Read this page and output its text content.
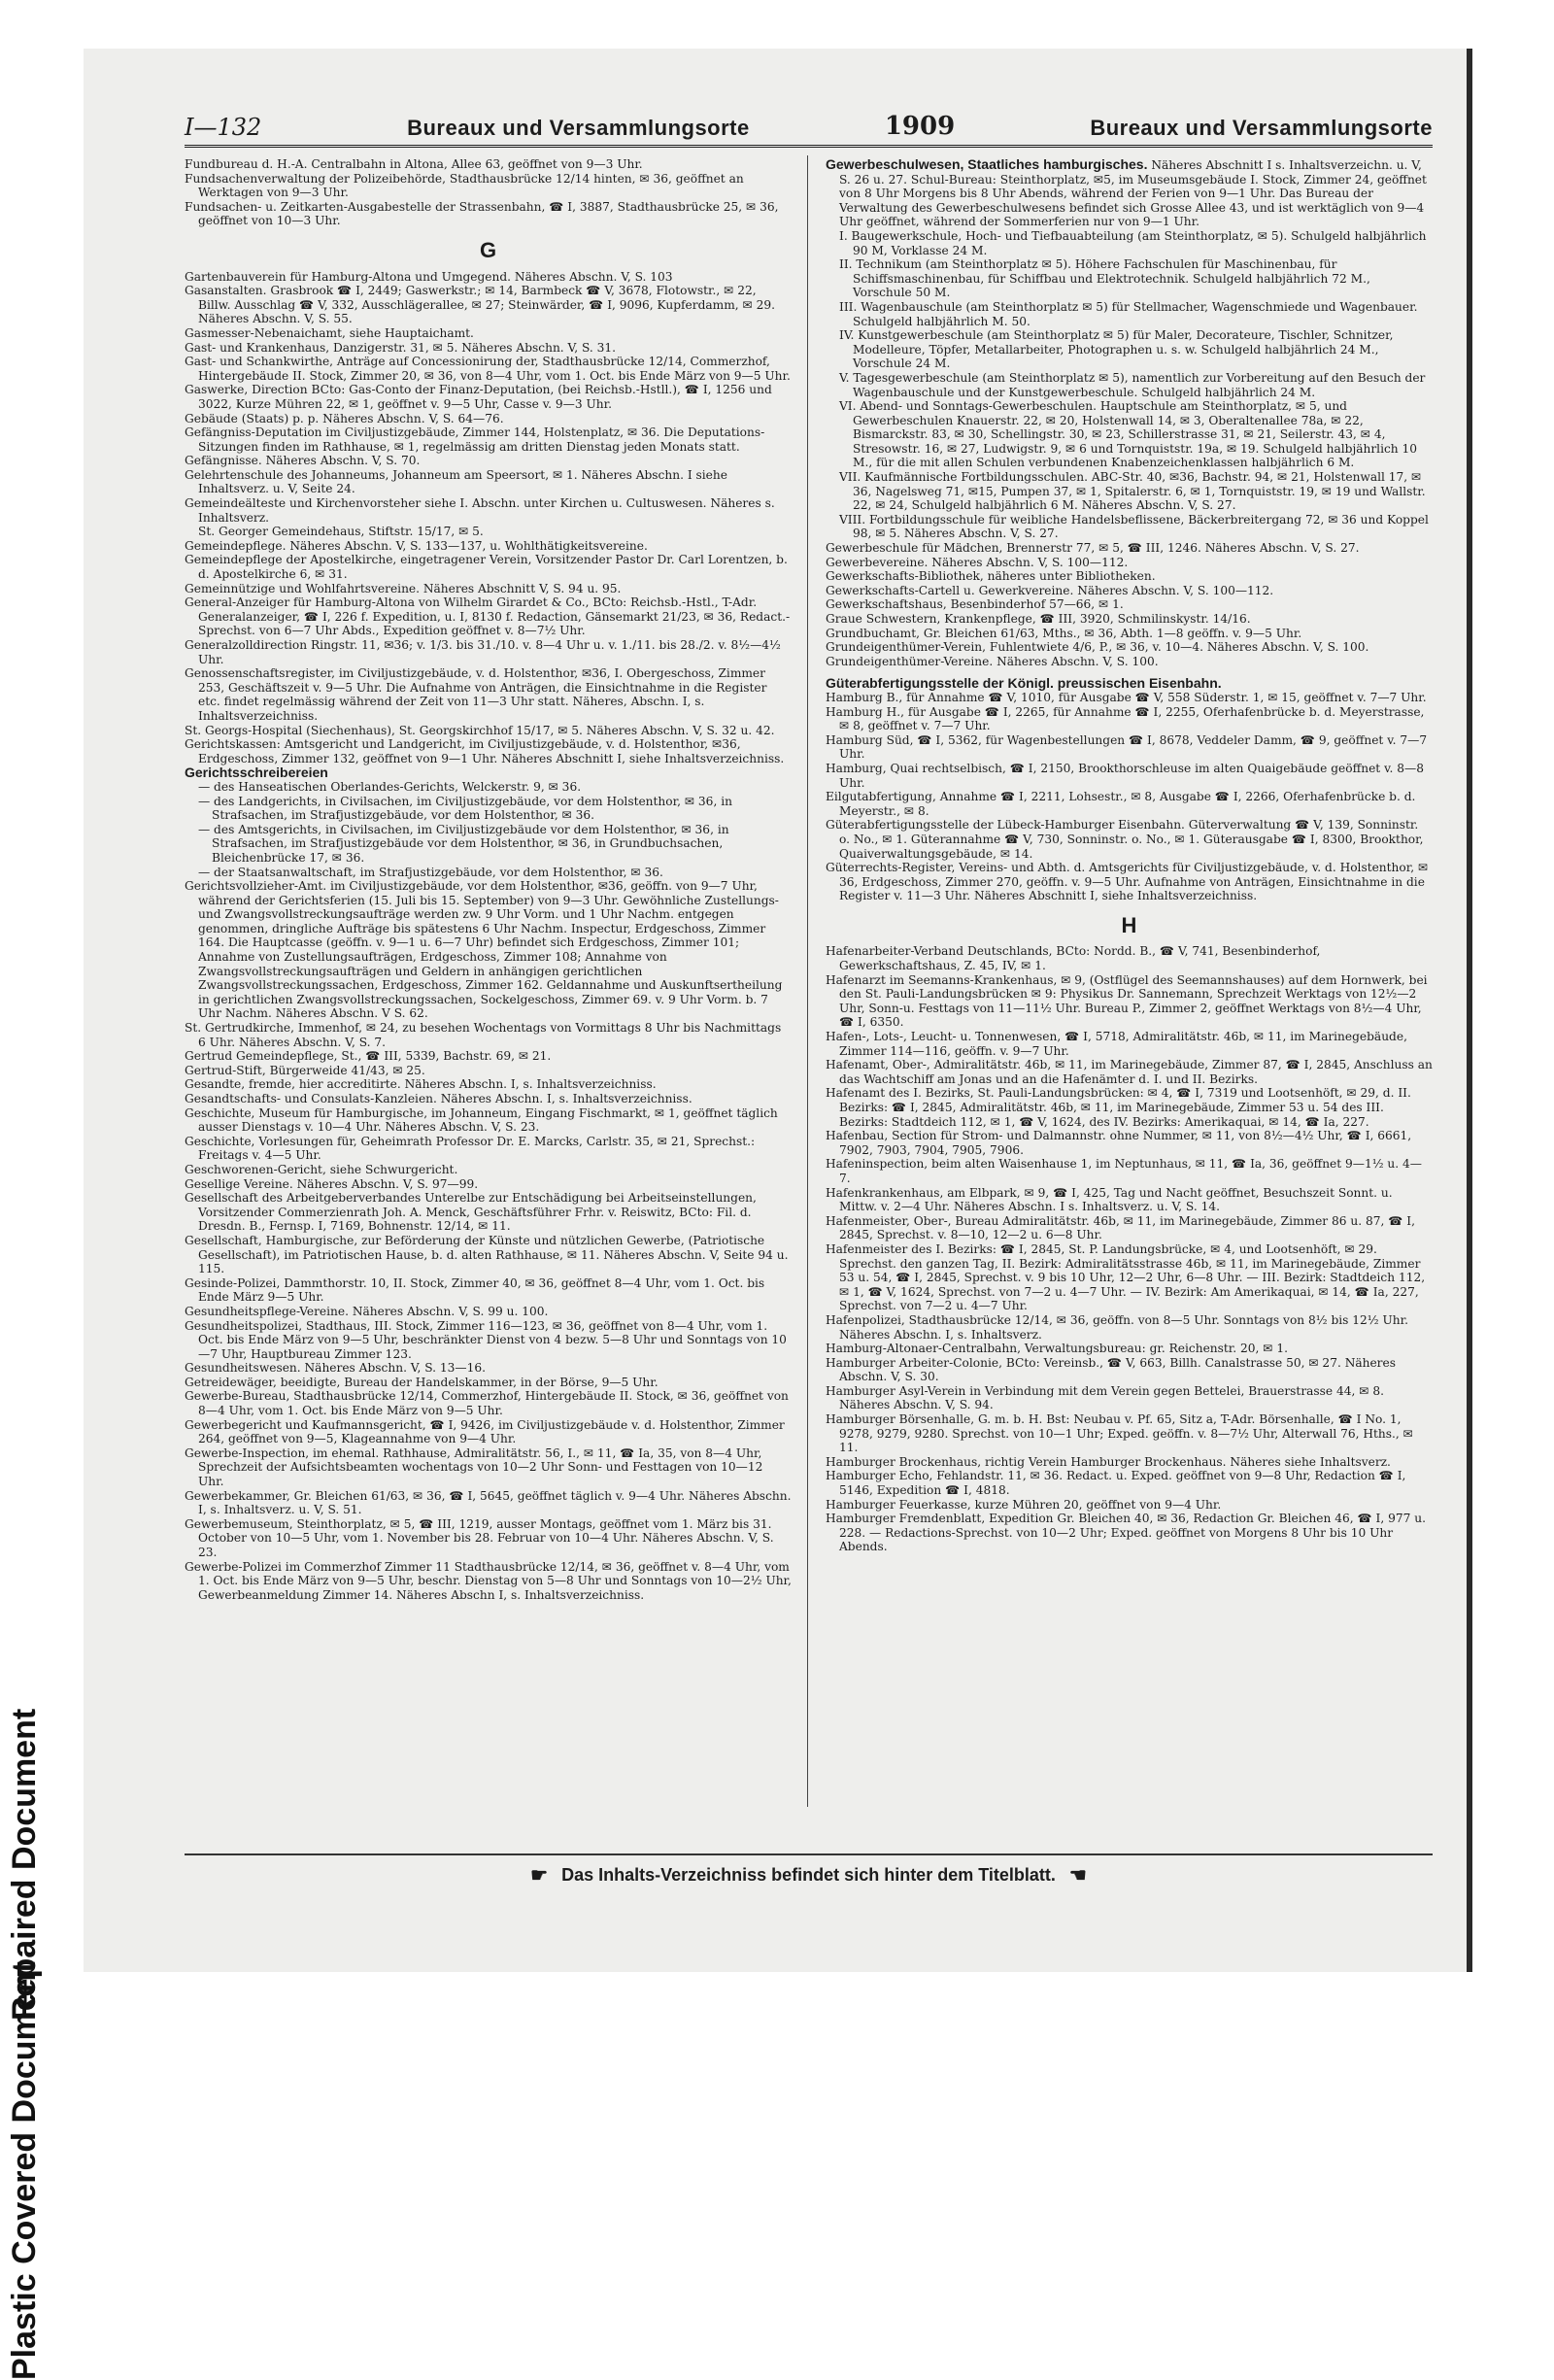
Repaired Document
Plastic Covered Document
I—132	Bureaux und Versammlungsorte	1909	Bureaux und Versammlungsorte

Fundbureau d. H.-A. Centralbahn in Altona, Allee 63, geöffnet von 9—3 Uhr.

Fundsachenverwaltung der Polizeibehörde, Stadthausbrücke 12/14 hinten, ✉ 36, geöffnet an Werktagen von 9—3 Uhr.

Fundsachen- u. Zeitkarten-Ausgabestelle der Strassenbahn, ☎ I, 3887, Stadthausbrücke 25, ✉ 36, geöffnet von 10—3 Uhr.

G

Gartenbauverein für Hamburg-Altona und Umgegend. Näheres Abschn. V, S. 103

Gasanstalten. Grasbrook ☎ I, 2449; Gaswerkstr.; ✉ 14, Barmbeck ☎ V, 3678, Flotowstr., ✉ 22, Billw. Ausschlag ☎ V, 332, Ausschlägerallee, ✉ 27; Steinwärder, ☎ I, 9096, Kupferdamm, ✉ 29. Näheres Abschn. V, S. 55.

Gasmesser-Nebenaichamt, siehe Hauptaichamt.

Gast- und Krankenhaus, Danzigerstr. 31, ✉ 5. Näheres Abschn. V, S. 31.

Gast- und Schankwirthe, Anträge auf Concessionirung der, Stadthausbrücke 12/14, Commerzhof, Hintergebäude II. Stock, Zimmer 20, ✉ 36, von 8—4 Uhr, vom 1. Oct. bis Ende März von 9—5 Uhr.

Gaswerke, Direction BCto: Gas-Conto der Finanz-Deputation, (bei Reichsb.-Hstll.), ☎ I, 1256 und 3022, Kurze Mühren 22, ✉ 1, geöffnet v. 9—5 Uhr, Casse v. 9—3 Uhr.

Gebäude (Staats) p. p. Näheres Abschn. V, S. 64—76.

Gefängniss-Deputation im Civiljustizgebäude, Zimmer 144, Holstenplatz, ✉ 36. Die Deputations-Sitzungen finden im Rathhause, ✉ 1, regelmässig am dritten Dienstag jeden Monats statt.

Gefängnisse. Näheres Abschn. V, S. 70.

Gelehrtenschule des Johanneums, Johanneum am Speersort, ✉ 1. Näheres Abschn. I siehe Inhaltsverz. u. V, Seite 24.

Gemeindeälteste und Kirchenvorsteher siehe I. Abschn. unter Kirchen u. Cultuswesen. Näheres s. Inhaltsverz.

St. Georger Gemeindehaus, Stiftstr. 15/17, ✉ 5.

Gemeindepflege. Näheres Abschn. V, S. 133—137, u. Wohlthätigkeitsvereine.

Gemeindepflege der Apostelkirche, eingetragener Verein, Vorsitzender Pastor Dr. Carl Lorentzen, b. d. Apostelkirche 6, ✉ 31.

Gemeinnützige und Wohlfahrtsvereine. Näheres Abschnitt V, S. 94 u. 95.

General-Anzeiger für Hamburg-Altona von Wilhelm Girardet & Co., BCto: Reichsb.-Hstl., T-Adr. Generalanzeiger, ☎ I, 226 f. Expedition, u. I, 8130 f. Redaction, Gänsemarkt 21/23, ✉ 36, Redact.-Sprechst. von 6—7 Uhr Abds., Expedition geöffnet v. 8—7½ Uhr.

Generalzolldirection Ringstr. 11, ✉36; v. 1/3. bis 31./10. v. 8—4 Uhr u. v. 1./11. bis 28./2. v. 8½—4½ Uhr.

Genossenschaftsregister, im Civiljustizgebäude, v. d. Holstenthor, ✉36, I. Obergeschoss, Zimmer 253, Geschäftszeit v. 9—5 Uhr. Die Aufnahme von Anträgen, die Einsichtnahme in die Register etc. findet regelmässig während der Zeit von 11—3 Uhr statt. Näheres, Abschn. I, s. Inhaltsverzeichniss.

St. Georgs-Hospital (Siechenhaus), St. Georgskirchhof 15/17, ✉ 5. Näheres Abschn. V, S. 32 u. 42.

Gerichtskassen: Amtsgericht und Landgericht, im Civiljustizgebäude, v. d. Holstenthor, ✉36, Erdgeschoss, Zimmer 132, geöffnet von 9—1 Uhr. Näheres Abschnitt I, siehe Inhaltsverzeichniss.

Gerichtsschreibereien

— des Hanseatischen Oberlandes-Gerichts, Welckerstr. 9, ✉ 36.

— des Landgerichts, in Civilsachen, im Civiljustizgebäude, vor dem Holstenthor, ✉ 36, in Strafsachen, im Strafjustizgebäude, vor dem Holstenthor, ✉ 36.

— des Amtsgerichts, in Civilsachen, im Civiljustizgebäude vor dem Holstenthor, ✉ 36, in Strafsachen, im Strafjustizgebäude vor dem Holstenthor, ✉ 36, in Grundbuchsachen, Bleichenbrücke 17, ✉ 36.

— der Staatsanwaltschaft, im Strafjustizgebäude, vor dem Holstenthor, ✉ 36.

Gerichtsvollzieher-Amt. im Civiljustizgebäude, vor dem Holstenthor, ✉36, geöffn. von 9—7 Uhr, während der Gerichtsferien (15. Juli bis 15. September) von 9—3 Uhr. Gewöhnliche Zustellungs- und Zwangsvollstreckungsaufträge werden zw. 9 Uhr Vorm. und 1 Uhr Nachm. entgegen genommen, dringliche Aufträge bis spätestens 6 Uhr Nachm. Inspectur, Erdgeschoss, Zimmer 164. Die Hauptcasse (geöffn. v. 9—1 u. 6—7 Uhr) befindet sich Erdgeschoss, Zimmer 101; Annahme von Zustellungsaufträgen, Erdgeschoss, Zimmer 108; Annahme von Zwangsvollstreckungsaufträgen und Geldern in anhängigen gerichtlichen Zwangsvollstreckungssachen, Erdgeschoss, Zimmer 162. Geldannahme und Auskunftsertheilung in gerichtlichen Zwangsvollstreckungssachen, Sockelgeschoss, Zimmer 69. v. 9 Uhr Vorm. b. 7 Uhr Nachm. Näheres Abschn. V S. 62.

St. Gertrudkirche, Immenhof, ✉ 24, zu besehen Wochentags von Vormittags 8 Uhr bis Nachmittags 6 Uhr. Näheres Abschn. V, S. 7.

Gertrud Gemeindepflege, St., ☎ III, 5339, Bachstr. 69, ✉ 21.

Gertrud-Stift, Bürgerweide 41/43, ✉ 25.

Gesandte, fremde, hier accreditirte. Näheres Abschn. I, s. Inhaltsverzeichniss.

Gesandtschafts- und Consulats-Kanzleien. Näheres Abschn. I, s. Inhaltsverzeichniss.

Geschichte, Museum für Hamburgische, im Johanneum, Eingang Fischmarkt, ✉ 1, geöffnet täglich ausser Dienstags v. 10—4 Uhr. Näheres Abschn. V, S. 23.

Geschichte, Vorlesungen für, Geheimrath Professor Dr. E. Marcks, Carlstr. 35, ✉ 21, Sprechst.: Freitags v. 4—5 Uhr.

Geschworenen-Gericht, siehe Schwurgericht.

Gesellige Vereine. Näheres Abschn. V, S. 97—99.

Gesellschaft des Arbeitgeberverbandes Unterelbe zur Entschädigung bei Arbeitseinstellungen, Vorsitzender Commerzienrath Joh. A. Menck, Geschäftsführer Frhr. v. Reiswitz, BCto: Fil. d. Dresdn. B., Fernsp. I, 7169, Bohnenstr. 12/14, ✉ 11.

Gesellschaft, Hamburgische, zur Beförderung der Künste und nützlichen Gewerbe, (Patriotische Gesellschaft), im Patriotischen Hause, b. d. alten Rathhause, ✉ 11. Näheres Abschn. V, Seite 94 u. 115.

Gesinde-Polizei, Dammthorstr. 10, II. Stock, Zimmer 40, ✉ 36, geöffnet 8—4 Uhr, vom 1. Oct. bis Ende März 9—5 Uhr.

Gesundheitspflege-Vereine. Näheres Abschn. V, S. 99 u. 100.

Gesundheitspolizei, Stadthaus, III. Stock, Zimmer 116—123, ✉ 36, geöffnet von 8—4 Uhr, vom 1. Oct. bis Ende März von 9—5 Uhr, beschränkter Dienst von 4 bezw. 5—8 Uhr und Sonntags von 10—7 Uhr, Hauptbureau Zimmer 123.

Gesundheitswesen. Näheres Abschn. V, S. 13—16.

Getreidewäger, beeidigte, Bureau der Handelskammer, in der Börse, 9—5 Uhr.

Gewerbe-Bureau, Stadthausbrücke 12/14, Commerzhof, Hintergebäude II. Stock, ✉ 36, geöffnet von 8—4 Uhr, vom 1. Oct. bis Ende März von 9—5 Uhr.

Gewerbegericht und Kaufmannsgericht, ☎ I, 9426, im Civiljustizgebäude v. d. Holstenthor, Zimmer 264, geöffnet von 9—5, Klageannahme von 9—4 Uhr.

Gewerbe-Inspection, im ehemal. Rathhause, Admiralitätstr. 56, I., ✉ 11, ☎ Ia, 35, von 8—4 Uhr, Sprechzeit der Aufsichtsbeamten wochentags von 10—2 Uhr Sonn- und Festtagen von 10—12 Uhr.

Gewerbekammer, Gr. Bleichen 61/63, ✉ 36, ☎ I, 5645, geöffnet täglich v. 9—4 Uhr. Näheres Abschn. I, s. Inhaltsverz. u. V, S. 51.

Gewerbemuseum, Steinthorplatz, ✉ 5, ☎ III, 1219, ausser Montags, geöffnet vom 1. März bis 31. October von 10—5 Uhr, vom 1. November bis 28. Februar von 10—4 Uhr. Näheres Abschn. V, S. 23.

Gewerbe-Polizei im Commerzhof Zimmer 11 Stadthausbrücke 12/14, ✉ 36, geöffnet v. 8—4 Uhr, vom 1. Oct. bis Ende März von 9—5 Uhr, beschr. Dienstag von 5—8 Uhr und Sonntags von 10—2½ Uhr, Gewerbeanmeldung Zimmer 14. Näheres Abschn I, s. Inhaltsverzeichniss.

Gewerbeschulwesen, Staatliches hamburgisches. Näheres Abschnitt I s. Inhaltsverzeichn. u. V, S. 26 u. 27. Schul-Bureau: Steinthorplatz, ✉5, im Museumsgebäude I. Stock, Zimmer 24, geöffnet von 8 Uhr Morgens bis 8 Uhr Abends, während der Ferien von 9—1 Uhr. Das Bureau der Verwaltung des Gewerbeschulwesens befindet sich Grosse Allee 43, und ist werktäglich von 9—4 Uhr geöffnet, während der Sommerferien nur von 9—1 Uhr.

I. Baugewerkschule, Hoch- und Tiefbauabteilung (am Steinthorplatz, ✉ 5). Schulgeld halbjährlich 90 M, Vorklasse 24 M.

II. Technikum (am Steinthorplatz ✉ 5). Höhere Fachschulen für Maschinenbau, für Schiffsmaschinenbau, für Schiffbau und Elektrotechnik. Schulgeld halbjährlich 72 M., Vorschule 50 M.

III. Wagenbauschule (am Steinthorplatz ✉ 5) für Stellmacher, Wagenschmiede und Wagenbauer. Schulgeld halbjährlich M. 50.

IV. Kunstgewerbeschule (am Steinthorplatz ✉ 5) für Maler, Decorateure, Tischler, Schnitzer, Modelleure, Töpfer, Metallarbeiter, Photographen u. s. w. Schulgeld halbjährlich 24 M., Vorschule 24 M.

V. Tagesgewerbeschule (am Steinthorplatz ✉ 5), namentlich zur Vorbereitung auf den Besuch der Wagenbauschule und der Kunstgewerbeschule. Schulgeld halbjährlich 24 M.

VI. Abend- und Sonntags-Gewerbeschulen. Hauptschule am Steinthorplatz, ✉ 5, und Gewerbeschulen Knauerstr. 22, ✉ 20, Holstenwall 14, ✉ 3, Oberaltenallee 78a, ✉ 22, Bismarckstr. 83, ✉ 30, Schellingstr. 30, ✉ 23, Schillerstrasse 31, ✉ 21, Seilerstr. 43, ✉ 4, Stresowstr. 16, ✉ 27, Ludwigstr. 9, ✉ 6 und Tornquiststr. 19a, ✉ 19. Schulgeld halbjährlich 10 M., für die mit allen Schulen verbundenen Knabenzeichenklassen halbjährlich 6 M.

VII. Kaufmännische Fortbildungsschulen. ABC-Str. 40, ✉36, Bachstr. 94, ✉ 21, Holstenwall 17, ✉ 36, Nagelsweg 71, ✉15, Pumpen 37, ✉ 1, Spitalerstr. 6, ✉ 1, Tornquiststr. 19, ✉ 19 und Wallstr. 22, ✉ 24, Schulgeld halbjährlich 6 M. Näheres Abschn. V, S. 27.

VIII. Fortbildungsschule für weibliche Handelsbeflissene, Bäckerbreitergang 72, ✉ 36 und Koppel 98, ✉ 5. Näheres Abschn. V, S. 27.

Gewerbeschule für Mädchen, Brennerstr 77, ✉ 5, ☎ III, 1246. Näheres Abschn. V, S. 27.

Gewerbevereine. Näheres Abschn. V, S. 100—112.

Gewerkschafts-Bibliothek, näheres unter Bibliotheken.

Gewerkschafts-Cartell u. Gewerkvereine. Näheres Abschn. V, S. 100—112.

Gewerkschaftshaus, Besenbinderhof 57—66, ✉ 1.

Graue Schwestern, Krankenpflege, ☎ III, 3920, Schmilinskystr. 14/16.

Grundbuchamt, Gr. Bleichen 61/63, Mths., ✉ 36, Abth. 1—8 geöffn. v. 9—5 Uhr.

Grundeigenthümer-Verein, Fuhlentwiete 4/6, P., ✉ 36, v. 10—4. Näheres Abschn. V, S. 100.

Grundeigenthümer-Vereine. Näheres Abschn. V, S. 100.

Güterabfertigungsstelle der Königl. preussischen Eisenbahn.

Hamburg B., für Annahme ☎ V, 1010, für Ausgabe ☎ V, 558 Süderstr. 1, ✉ 15, geöffnet v. 7—7 Uhr.

Hamburg H., für Ausgabe ☎ I, 2265, für Annahme ☎ I, 2255, Oferhafenbrücke b. d. Meyerstrasse, ✉ 8, geöffnet v. 7—7 Uhr.

Hamburg Süd, ☎ I, 5362, für Wagenbestellungen ☎ I, 8678, Veddeler Damm, ☎ 9, geöffnet v. 7—7 Uhr.

Hamburg, Quai rechtselbisch, ☎ I, 2150, Brookthorschleuse im alten Quaigebäude geöffnet v. 8—8 Uhr.

Eilgutabfertigung, Annahme ☎ I, 2211, Lohsestr., ✉ 8, Ausgabe ☎ I, 2266, Oferhafenbrücke b. d. Meyerstr., ✉ 8.

Güterabfertigungsstelle der Lübeck-Hamburger Eisenbahn. Güterverwaltung ☎ V, 139, Sonninstr. o. No., ✉ 1. Güterannahme ☎ V, 730, Sonninstr. o. No., ✉ 1. Güterausgabe ☎ I, 8300, Brookthor, Quaiverwaltungsgebäude, ✉ 14.

Güterrechts-Register, Vereins- und Abth. d. Amtsgerichts für Civiljustizgebäude, v. d. Holstenthor, ✉ 36, Erdgeschoss, Zimmer 270, geöffn. v. 9—5 Uhr. Aufnahme von Anträgen, Einsichtnahme in die Register v. 11—3 Uhr. Näheres Abschnitt I, siehe Inhaltsverzeichniss.

H

Hafenarbeiter-Verband Deutschlands, BCto: Nordd. B., ☎ V, 741, Besenbinderhof, Gewerkschaftshaus, Z. 45, IV, ✉ 1.

Hafenarzt im Seemanns-Krankenhaus, ✉ 9, (Ostflügel des Seemannshauses) auf dem Hornwerk, bei den St. Pauli-Landungsbrücken ✉ 9: Physikus Dr. Sannemann, Sprechzeit Werktags von 12½—2 Uhr, Sonn-u. Festtags von 11—11½ Uhr. Bureau P., Zimmer 2, geöffnet Werktags von 8½—4 Uhr, ☎ I, 6350.

Hafen-, Lots-, Leucht- u. Tonnenwesen, ☎ I, 5718, Admiralitätstr. 46b, ✉ 11, im Marinegebäude, Zimmer 114—116, geöffn. v. 9—7 Uhr.

Hafenamt, Ober-, Admiralitätstr. 46b, ✉ 11, im Marinegebäude, Zimmer 87, ☎ I, 2845, Anschluss an das Wachtschiff am Jonas und an die Hafenämter d. I. und II. Bezirks.

Hafenamt des I. Bezirks, St. Pauli-Landungsbrücken: ✉ 4, ☎ I, 7319 und Lootsenhöft, ✉ 29, d. II. Bezirks: ☎ I, 2845, Admiralitätstr. 46b, ✉ 11, im Marinegebäude, Zimmer 53 u. 54 des III. Bezirks: Stadtdeich 112, ✉ 1, ☎ V, 1624, des IV. Bezirks: Amerikaquai, ✉ 14, ☎ Ia, 227.

Hafenbau, Section für Strom- und Dalmannstr. ohne Nummer, ✉ 11, von 8½—4½ Uhr, ☎ I, 6661, 7902, 7903, 7904, 7905, 7906.

Hafeninspection, beim alten Waisenhause 1, im Neptunhaus, ✉ 11, ☎ Ia, 36, geöffnet 9—1½ u. 4—7.

Hafenkrankenhaus, am Elbpark, ✉ 9, ☎ I, 425, Tag und Nacht geöffnet, Besuchszeit Sonnt. u. Mittw. v. 2—4 Uhr. Näheres Abschn. I s. Inhaltsverz. u. V, S. 14.

Hafenmeister, Ober-, Bureau Admiralitätstr. 46b, ✉ 11, im Marinegebäude, Zimmer 86 u. 87, ☎ I, 2845, Sprechst. v. 8—10, 12—2 u. 6—8 Uhr.

Hafenmeister des I. Bezirks: ☎ I, 2845, St. P. Landungsbrücke, ✉ 4, und Lootsenhöft, ✉ 29. Sprechst. den ganzen Tag, II. Bezirk: Admiralitätsstrasse 46b, ✉ 11, im Marinegebäude, Zimmer 53 u. 54, ☎ I, 2845, Sprechst. v. 9 bis 10 Uhr, 12—2 Uhr, 6—8 Uhr. — III. Bezirk: Stadtdeich 112, ✉ 1, ☎ V, 1624, Sprechst. von 7—2 u. 4—7 Uhr. — IV. Bezirk: Am Amerikaquai, ✉ 14, ☎ Ia, 227, Sprechst. von 7—2 u. 4—7 Uhr.

Hafenpolizei, Stadthausbrücke 12/14, ✉ 36, geöffn. von 8—5 Uhr. Sonntags von 8½ bis 12½ Uhr. Näheres Abschn. I, s. Inhaltsverz.

Hamburg-Altonaer-Centralbahn, Verwaltungsbureau: gr. Reichenstr. 20, ✉ 1.

Hamburger Arbeiter-Colonie, BCto: Vereinsb., ☎ V, 663, Billh. Canalstrasse 50, ✉ 27. Näheres Abschn. V, S. 30.

Hamburger Asyl-Verein in Verbindung mit dem Verein gegen Bettelei, Brauerstrasse 44, ✉ 8. Näheres Abschn. V, S. 94.

Hamburger Börsenhalle, G. m. b. H. Bst: Neubau v. Pf. 65, Sitz a, T-Adr. Börsenhalle, ☎ I No. 1, 9278, 9279, 9280. Sprechst. von 10—1 Uhr; Exped. geöffn. v. 8—7½ Uhr, Alterwall 76, Hths., ✉ 11.

Hamburger Brockenhaus, richtig Verein Hamburger Brockenhaus. Näheres siehe Inhaltsverz.

Hamburger Echo, Fehlandstr. 11, ✉ 36. Redact. u. Exped. geöffnet von 9—8 Uhr, Redaction ☎ I, 5146, Expedition ☎ I, 4818.

Hamburger Feuerkasse, kurze Mühren 20, geöffnet von 9—4 Uhr.

Hamburger Fremdenblatt, Expedition Gr. Bleichen 40, ✉ 36, Redaction Gr. Bleichen 46, ☎ I, 977 u. 228. — Redactions-Sprechst. von 10—2 Uhr; Exped. geöffnet von Morgens 8 Uhr bis 10 Uhr Abends.

☛ Das Inhalts-Verzeichniss befindet sich hinter dem Titelblatt. ☚
